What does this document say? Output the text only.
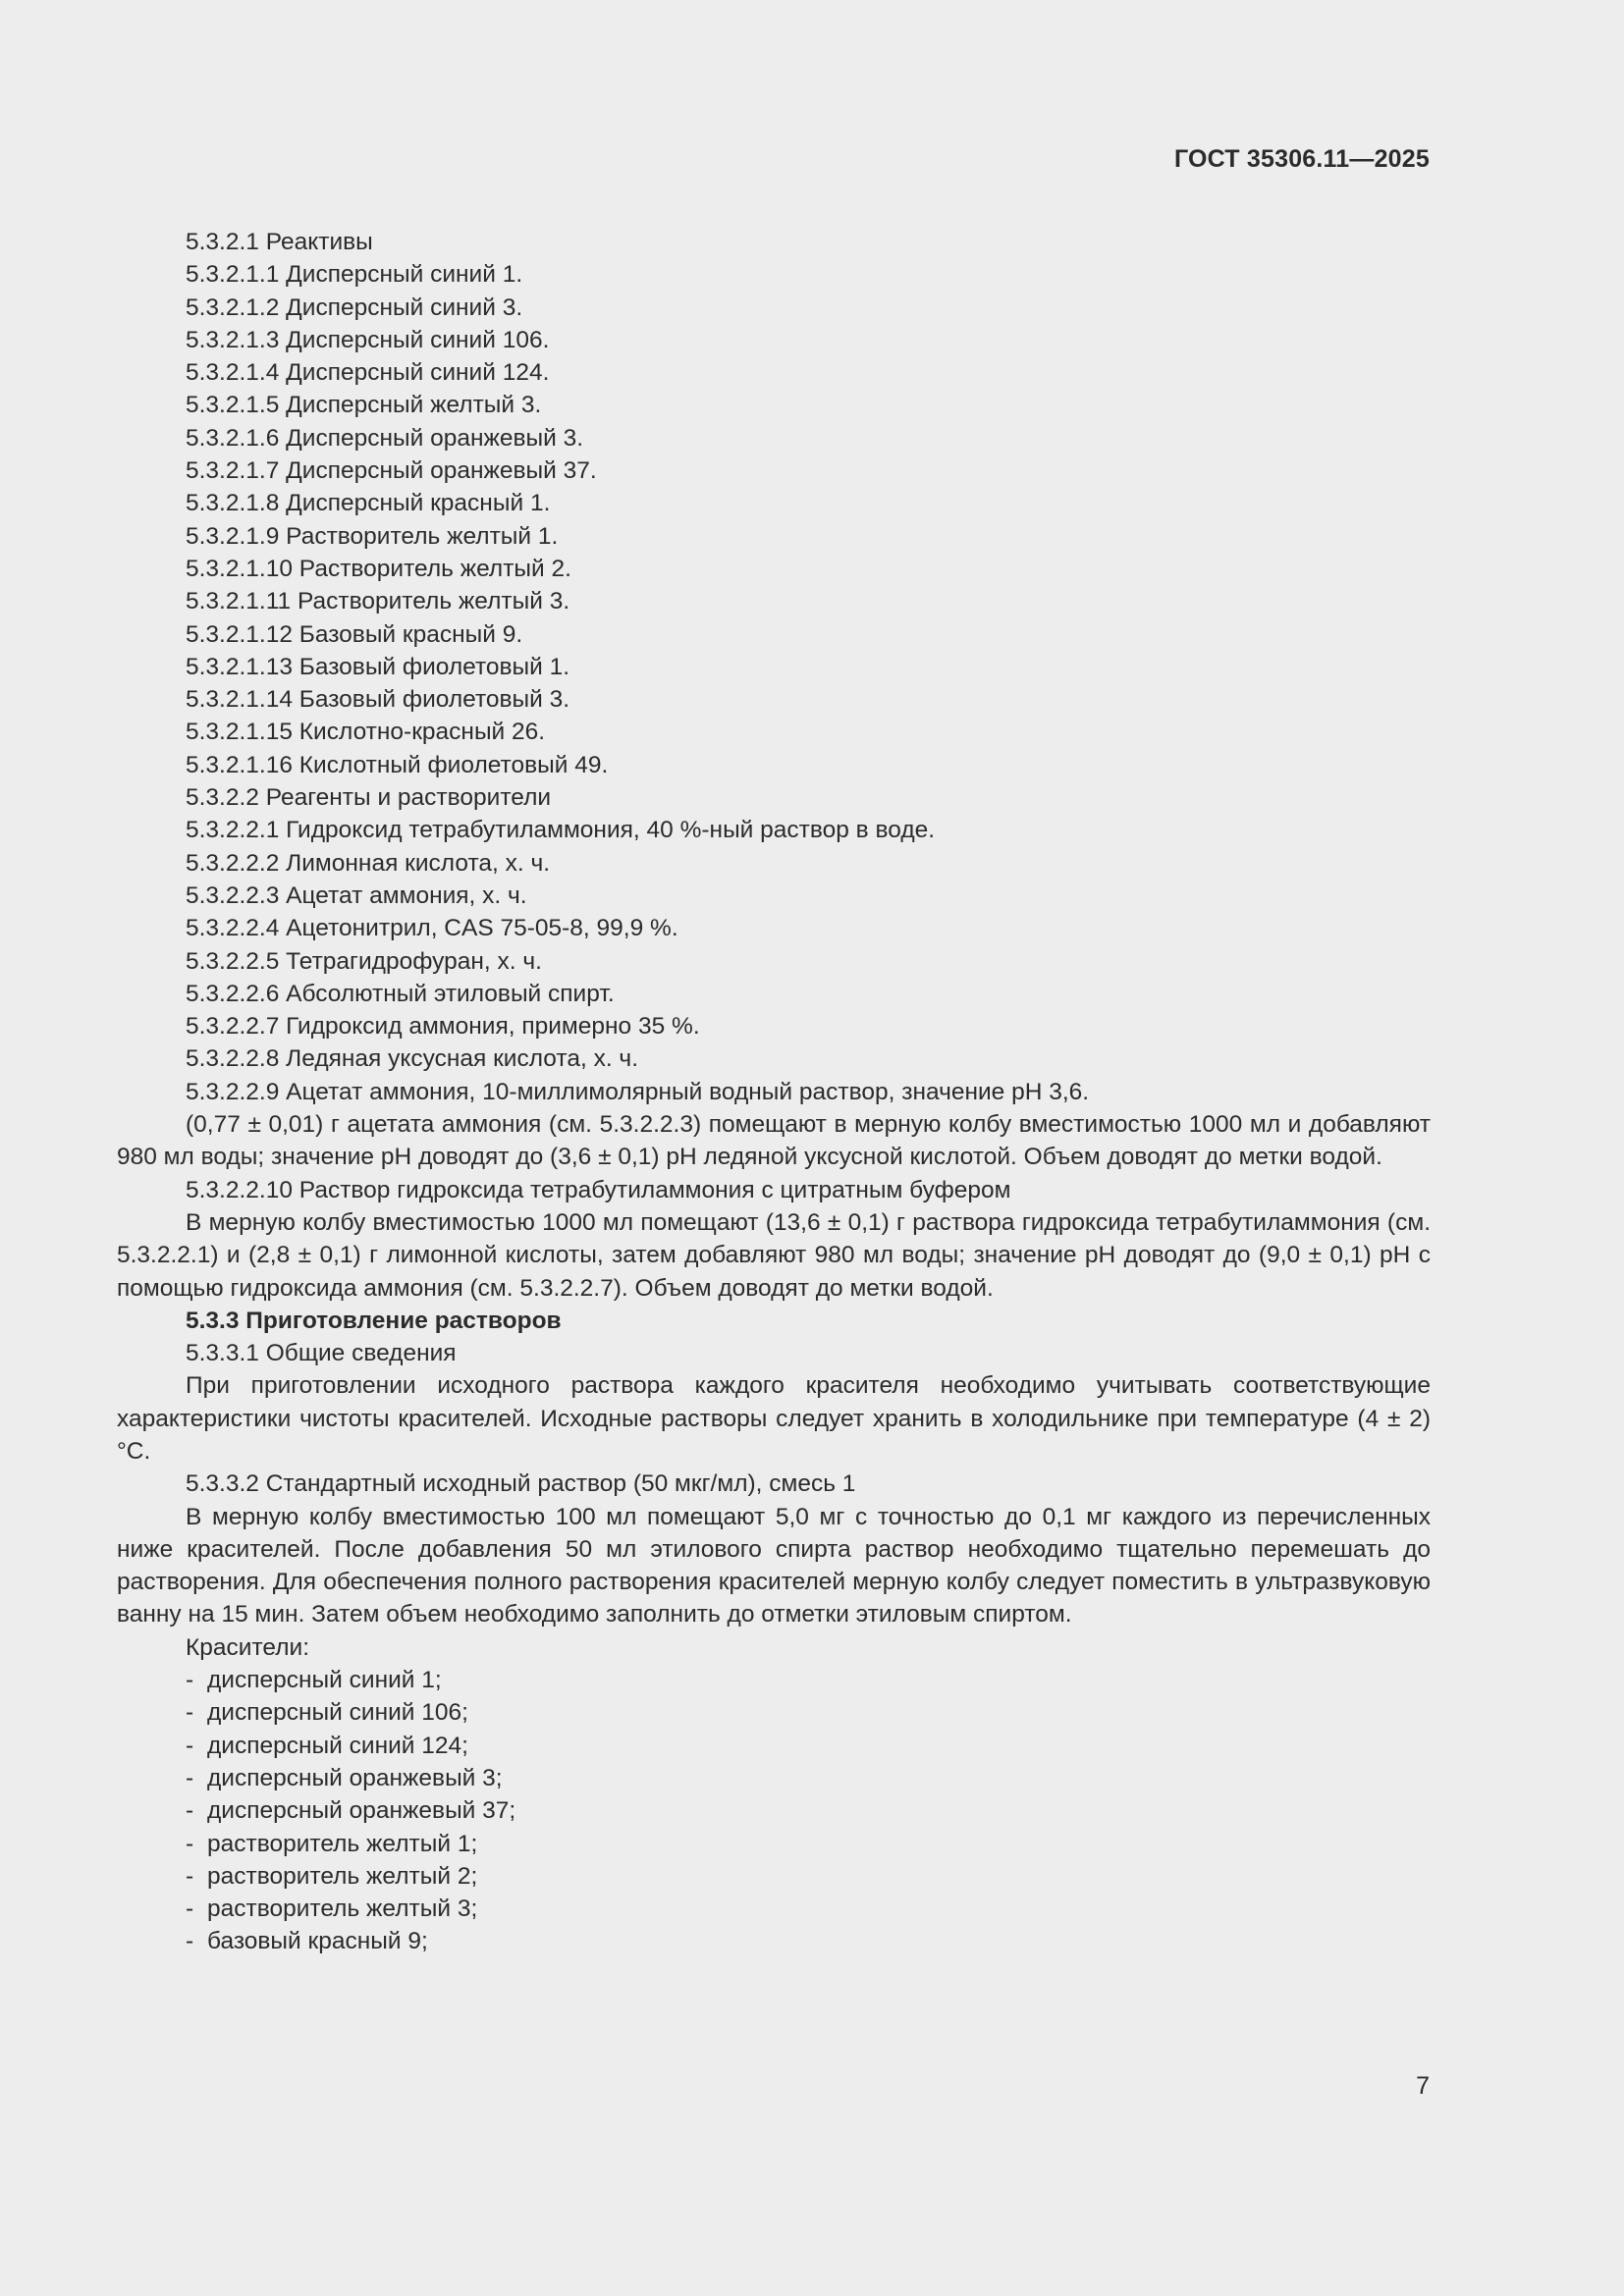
ГОСТ 35306.11—2025

5.3.2.1 Реактивы

5.3.2.1.1 Дисперсный синий 1.

5.3.2.1.2 Дисперсный синий 3.

5.3.2.1.3 Дисперсный синий 106.

5.3.2.1.4 Дисперсный синий 124.

5.3.2.1.5 Дисперсный желтый 3.

5.3.2.1.6 Дисперсный оранжевый 3.

5.3.2.1.7 Дисперсный оранжевый 37.

5.3.2.1.8 Дисперсный красный 1.

5.3.2.1.9 Растворитель желтый 1.

5.3.2.1.10 Растворитель желтый 2.

5.3.2.1.11 Растворитель желтый 3.

5.3.2.1.12 Базовый красный 9.

5.3.2.1.13 Базовый фиолетовый 1.

5.3.2.1.14 Базовый фиолетовый 3.

5.3.2.1.15 Кислотно-красный 26.

5.3.2.1.16 Кислотный фиолетовый 49.

5.3.2.2 Реагенты и растворители

5.3.2.2.1 Гидроксид тетрабутиламмония, 40 %-ный раствор в воде.

5.3.2.2.2 Лимонная кислота, х. ч.

5.3.2.2.3 Ацетат аммония, х. ч.

5.3.2.2.4 Ацетонитрил, CAS 75-05-8, 99,9 %.

5.3.2.2.5 Тетрагидрофуран, х. ч.

5.3.2.2.6 Абсолютный этиловый спирт.

5.3.2.2.7 Гидроксид аммония, примерно 35 %.

5.3.2.2.8 Ледяная уксусная кислота, х. ч.

5.3.2.2.9 Ацетат аммония, 10-миллимолярный водный раствор, значение pH 3,6.

(0,77 ± 0,01) г ацетата аммония (см. 5.3.2.2.3) помещают в мерную колбу вместимостью 1000 мл и добавляют 980 мл воды; значение pH доводят до (3,6 ± 0,1) pH ледяной уксусной кислотой. Объем доводят до метки водой.

5.3.2.2.10 Раствор гидроксида тетрабутиламмония с цитратным буфером

В мерную колбу вместимостью 1000 мл помещают (13,6 ± 0,1) г раствора гидроксида тетрабутиламмония (см. 5.3.2.2.1) и (2,8 ± 0,1) г лимонной кислоты, затем добавляют 980 мл воды; значение pH доводят до (9,0 ± 0,1) pH с помощью гидроксида аммония (см. 5.3.2.2.7). Объем доводят до метки водой.

5.3.3 Приготовление растворов

5.3.3.1 Общие сведения

При приготовлении исходного раствора каждого красителя необходимо учитывать соответствующие характеристики чистоты красителей. Исходные растворы следует хранить в холодильнике при температуре (4 ± 2) °С.

5.3.3.2 Стандартный исходный раствор (50 мкг/мл), смесь 1

В мерную колбу вместимостью 100 мл помещают 5,0 мг с точностью до 0,1 мг каждого из перечисленных ниже красителей. После добавления 50 мл этилового спирта раствор необходимо тщательно перемешать до растворения. Для обеспечения полного растворения красителей мерную колбу следует поместить в ультразвуковую ванну на 15 мин. Затем объем необходимо заполнить до отметки этиловым спиртом.

Красители:

- дисперсный синий 1;
- дисперсный синий 106;
- дисперсный синий 124;
- дисперсный оранжевый 3;
- дисперсный оранжевый 37;
- растворитель желтый 1;
- растворитель желтый 2;
- растворитель желтый 3;
- базовый красный 9;
7
